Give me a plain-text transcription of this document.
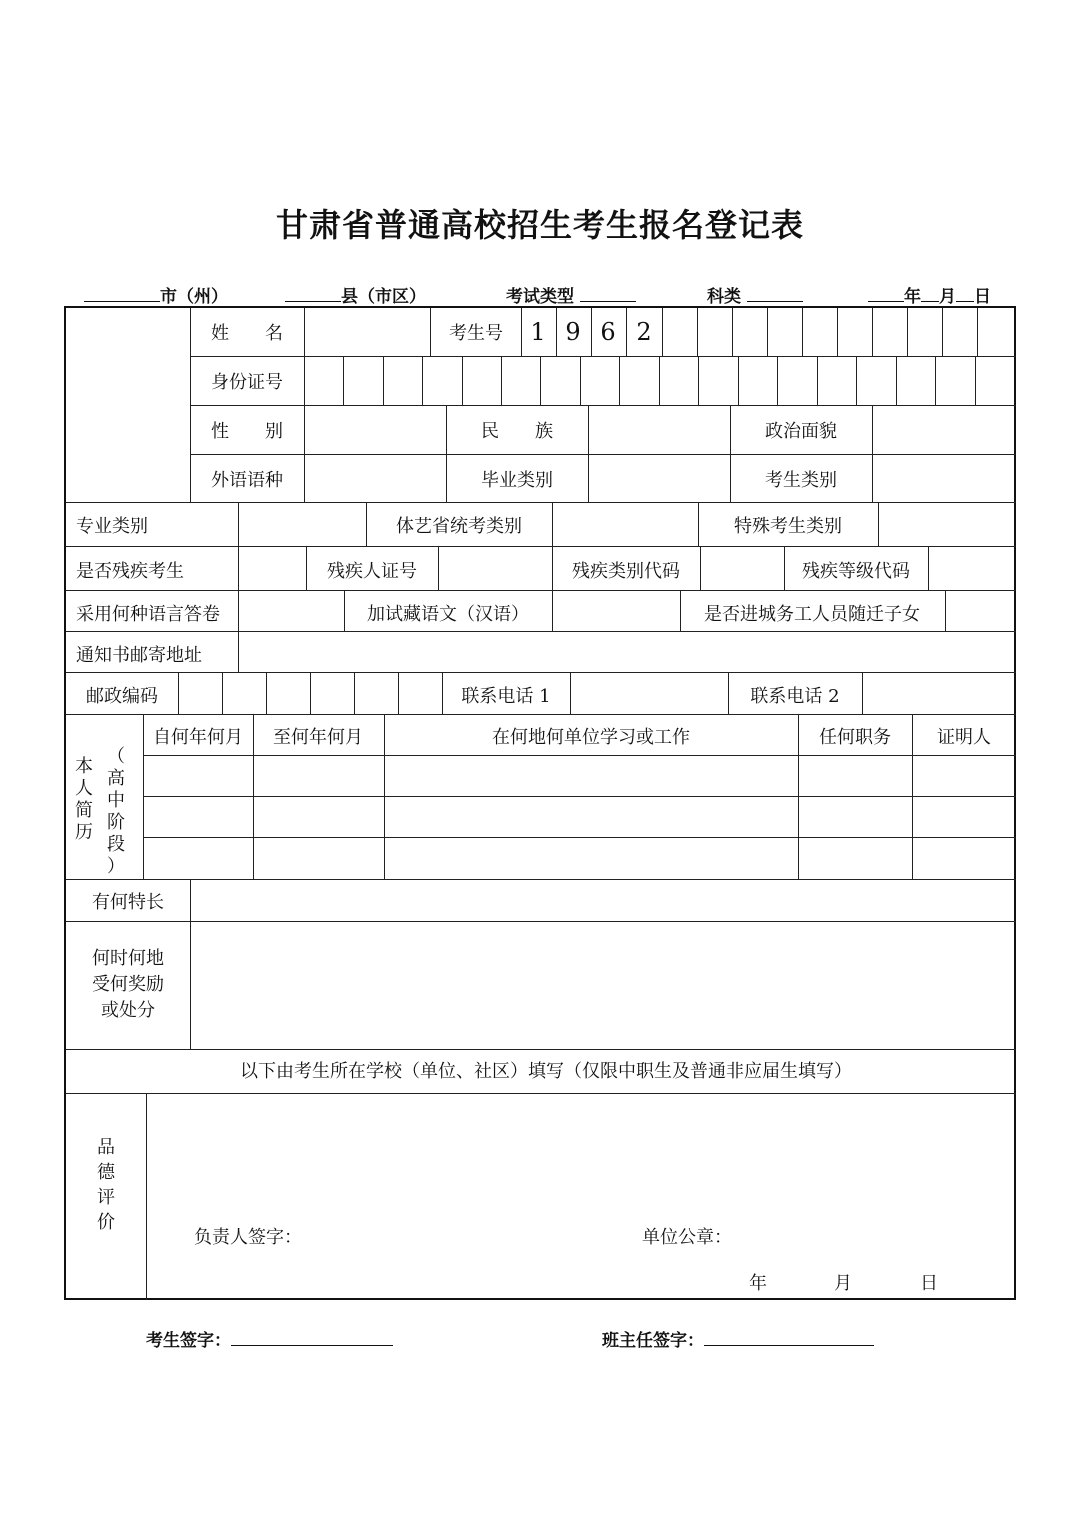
甘肃省普通高校招生考生报名登记表
市（州）	县（市区）	考试类型	科类	年 月 日
姓　　名	考生号 1 9 6 2
身份证号
性　　别	民　　族	政治面貌
外语语种	毕业类别	考生类别
专业类别	体艺省统考类别	特殊考生类别
是否残疾考生	残疾人证号	残疾类别代码	残疾等级代码
采用何种语言答卷	加试藏语文（汉语）	是否进城务工人员随迁子女
通知书邮寄地址
邮政编码	联系电话 1	联系电话 2
本
人
简
历
（
高
中
阶
段
）
自何年何月 至何年何月	在何地何单位学习或工作	任何职务	证明人
有何特长
何时何地
受何奖励
或处分
以下由考生所在学校（单位、社区）填写（仅限中职生及普通非应届生填写）
品
德
评
价
负责人签字：	单位公章：
年	月	日
考生签字：	班主任签字：
